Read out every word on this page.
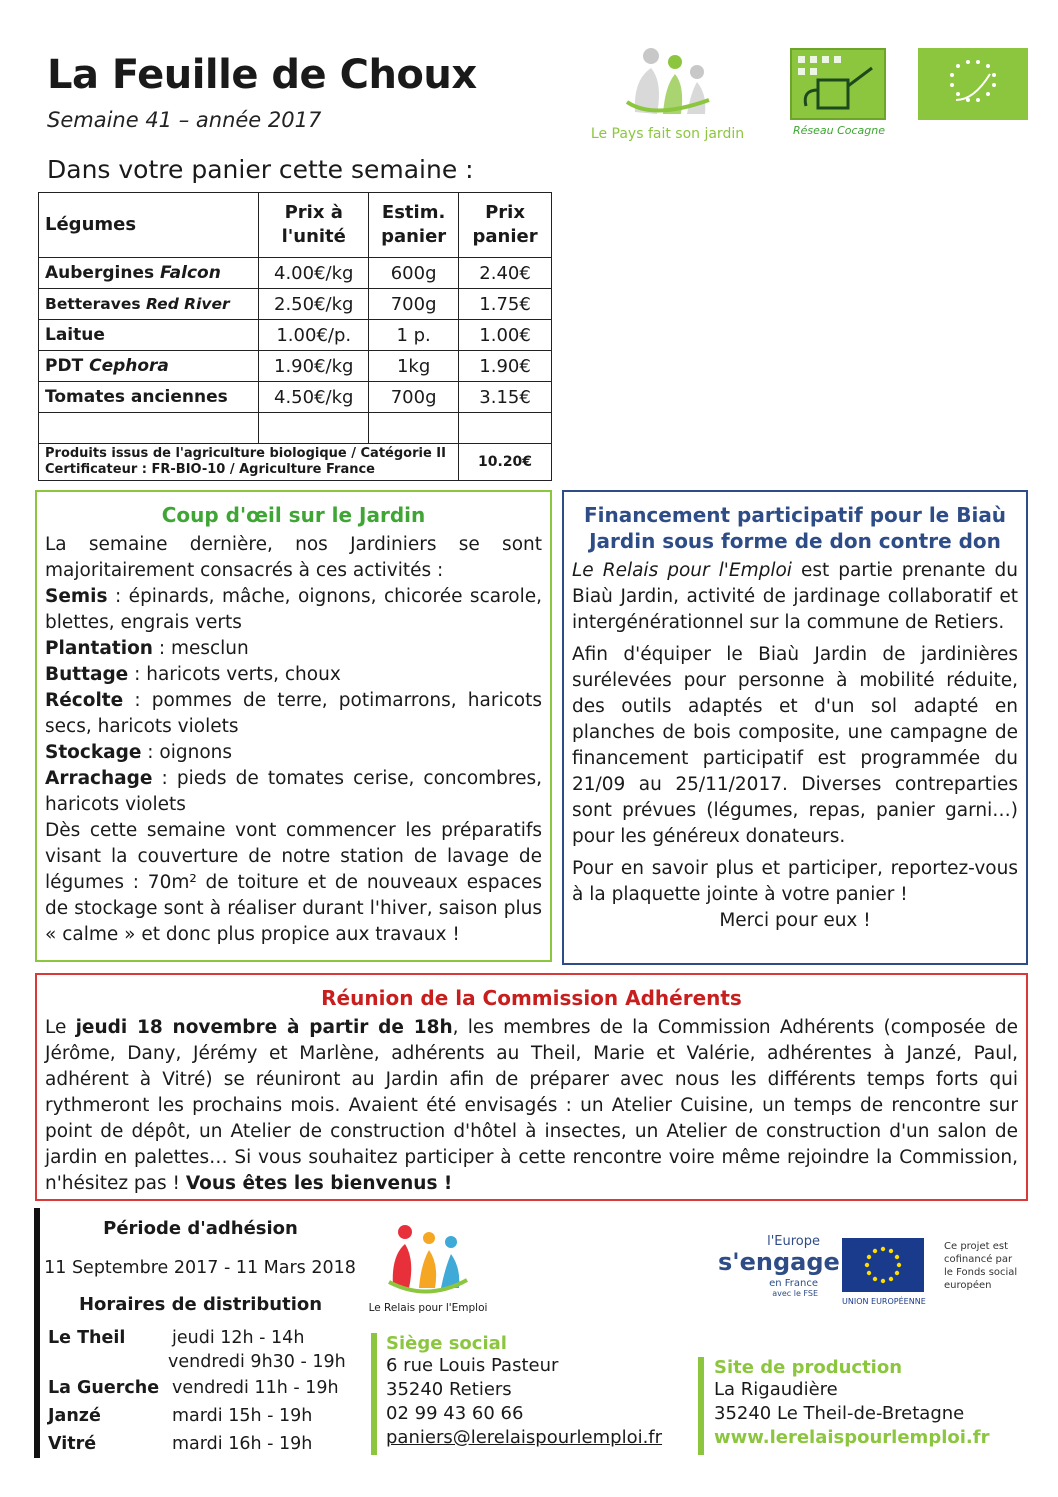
La Feuille de Choux
Semaine 41 – année 2017
Dans votre panier cette semaine :
Le Pays fait son jardin	Réseau Cocagne
Légumes	Prix à l'unité	Estim. panier	Prix panier
Aubergines Falcon	4.00€/kg	600g	2.40€
Betteraves Red River	2.50€/kg	700g	1.75€
Laitue	1.00€/p.	1 p.	1.00€
PDT Cephora	1.90€/kg	1kg	1.90€
Tomates anciennes	4.50€/kg	700g	3.15€

Produits issus de l'agriculture biologique / Catégorie II
Certificateur : FR-BIO-10 / Agriculture France			10.20€
Coup d'œil sur le Jardin

La semaine dernière, nos Jardiniers se sont majoritairement consacrés à ces activités :

Semis : épinards, mâche, oignons, chicorée scarole, blettes, engrais verts

Plantation : mesclun

Buttage : haricots verts, choux

Récolte : pommes de terre, potimarrons, haricots secs, haricots violets

Stockage : oignons

Arrachage : pieds de tomates cerise, concombres, haricots violets

Dès cette semaine vont commencer les préparatifs visant la couverture de notre station de lavage de légumes : 70m² de toiture et de nouveaux espaces de stockage sont à réaliser durant l'hiver, saison plus « calme » et donc plus propice aux travaux !

Financement participatif pour le Biaù Jardin sous forme de don contre don

Le Relais pour l'Emploi est partie prenante du Biaù Jardin, activité de jardinage collaboratif et intergénérationnel sur la commune de Retiers.

Afin d'équiper le Biaù Jardin de jardinières surélevées pour personne à mobilité réduite, des outils adaptés et d'un sol adapté en planches de bois composite, une campagne de financement participatif est programmée du 21/09 au 25/11/2017. Diverses contreparties sont prévues (légumes, repas, panier garni…) pour les généreux donateurs.

Pour en savoir plus et participer, reportez-vous à la plaquette jointe à votre panier !

Merci pour eux !

Réunion de la Commission Adhérents

Le jeudi 18 novembre à partir de 18h, les membres de la Commission Adhérents (composée de Jérôme, Dany, Jérémy et Marlène, adhérents au Theil, Marie et Valérie, adhérentes à Janzé, Paul, adhérent à Vitré) se réuniront au Jardin afin de préparer avec nous les différents temps forts qui rythmeront les prochains mois. Avaient été envisagés : un Atelier Cuisine, un temps de rencontre sur point de dépôt, un Atelier de construction d'hôtel à insectes, un Atelier de construction d'un salon de jardin en palettes… Si vous souhaitez participer à cette rencontre voire même rejoindre la Commission, n'hésitez pas ! Vous êtes les bienvenus !

Période d'adhésion
11 Septembre 2017 - 11 Mars 2018
Horaires de distribution
Le Theil	jeudi 12h - 14h
vendredi 9h30 - 19h
La Guerche vendredi 11h - 19h
Janzé	mardi 15h - 19h
Vitré	mardi 16h - 19h
Le Relais pour l'Emploi
l'Europe
s'engage
en France
avec le FSE
UNION EUROPÉENNE
Ce projet est cofinancé par le Fonds social européen
Siège social
6 rue Louis Pasteur
35240 Retiers
02 99 43 60 66
paniers@lerelaispourlemploi.fr
Site de production
La Rigaudière
35240 Le Theil-de-Bretagne
www.lerelaispourlemploi.fr
